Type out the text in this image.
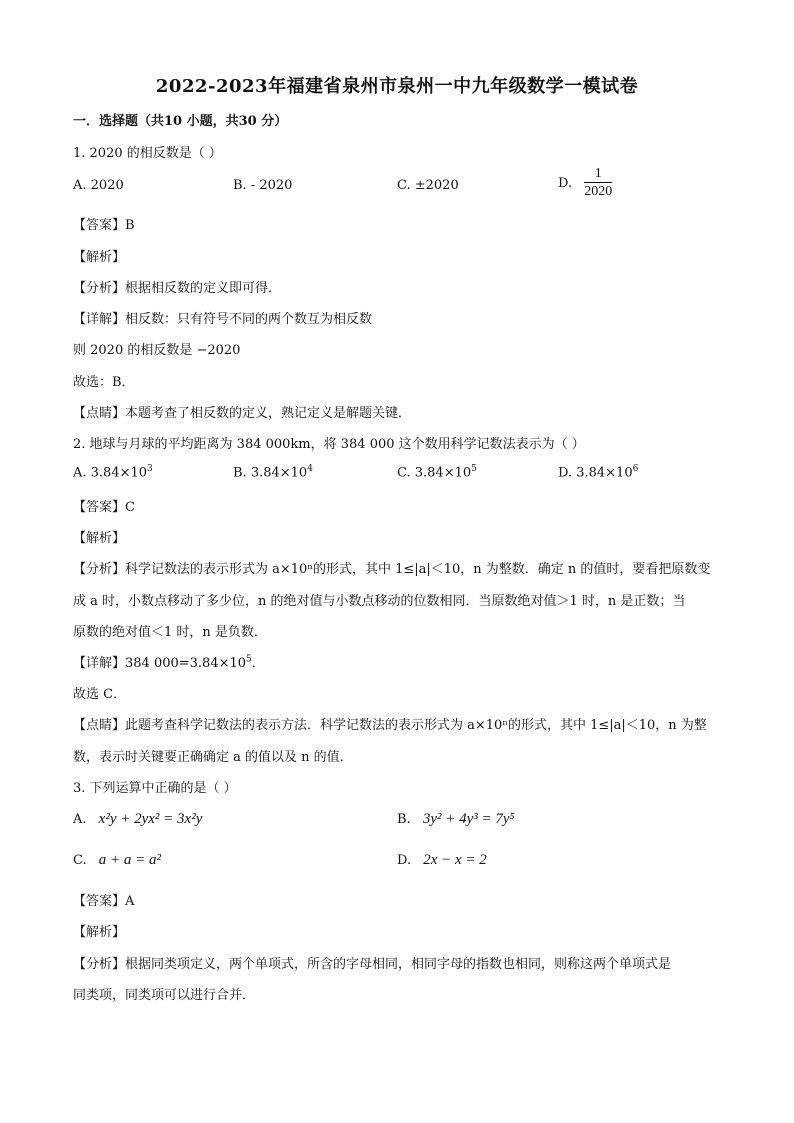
2022-2023年福建省泉州市泉州一中九年级数学一模试卷
一．选择题（共10 小题，共30 分）
1. 2020 的相反数是（ ）
A. 2020	B. - 2020	C. ±2020	D. $\frac{1}{2020}$
【答案】B
【解析】
【分析】根据相反数的定义即可得．
【详解】相反数：只有符号不同的两个数互为相反数
则 2020 的相反数是 −2020
故选：B．
【点睛】本题考查了相反数的定义，熟记定义是解题关键．
2. 地球与月球的平均距离为 384 000km，将 384 000 这个数用科学记数法表示为（ ）
A. $3.84\times 10^3$	B. $3.84\times 10^4$	C. $3.84\times 10^5$	D. $3.84\times 10^6$
【答案】C
【解析】
【分析】科学记数法的表示形式为 a×10ⁿ的形式，其中 1≤|a|＜10，n 为整数．确定 n 的值时，要看把原数变
成 a 时，小数点移动了多少位，n 的绝对值与小数点移动的位数相同．当原数绝对值＞1 时，n 是正数；当
原数的绝对值＜1 时，n 是负数．
【详解】384 $000=3.84\times 10^5$．
故选 C．
【点睛】此题考查科学记数法的表示方法．科学记数法的表示形式为 a×10ⁿ的形式，其中 1≤|a|＜10，n 为整
数，表示时关键要正确确定 a 的值以及 n 的值．
3. 下列运算中正确的是（ ）
A. x²y + 2yx² = 3x²y	B. 3y² + 4y³ = 7y⁵
C. a + a = a²	D. 2x − x = 2
【答案】A
【解析】
【分析】根据同类项定义，两个单项式，所含的字母相同，相同字母的指数也相同，则称这两个单项式是
同类项，同类项可以进行合并．
